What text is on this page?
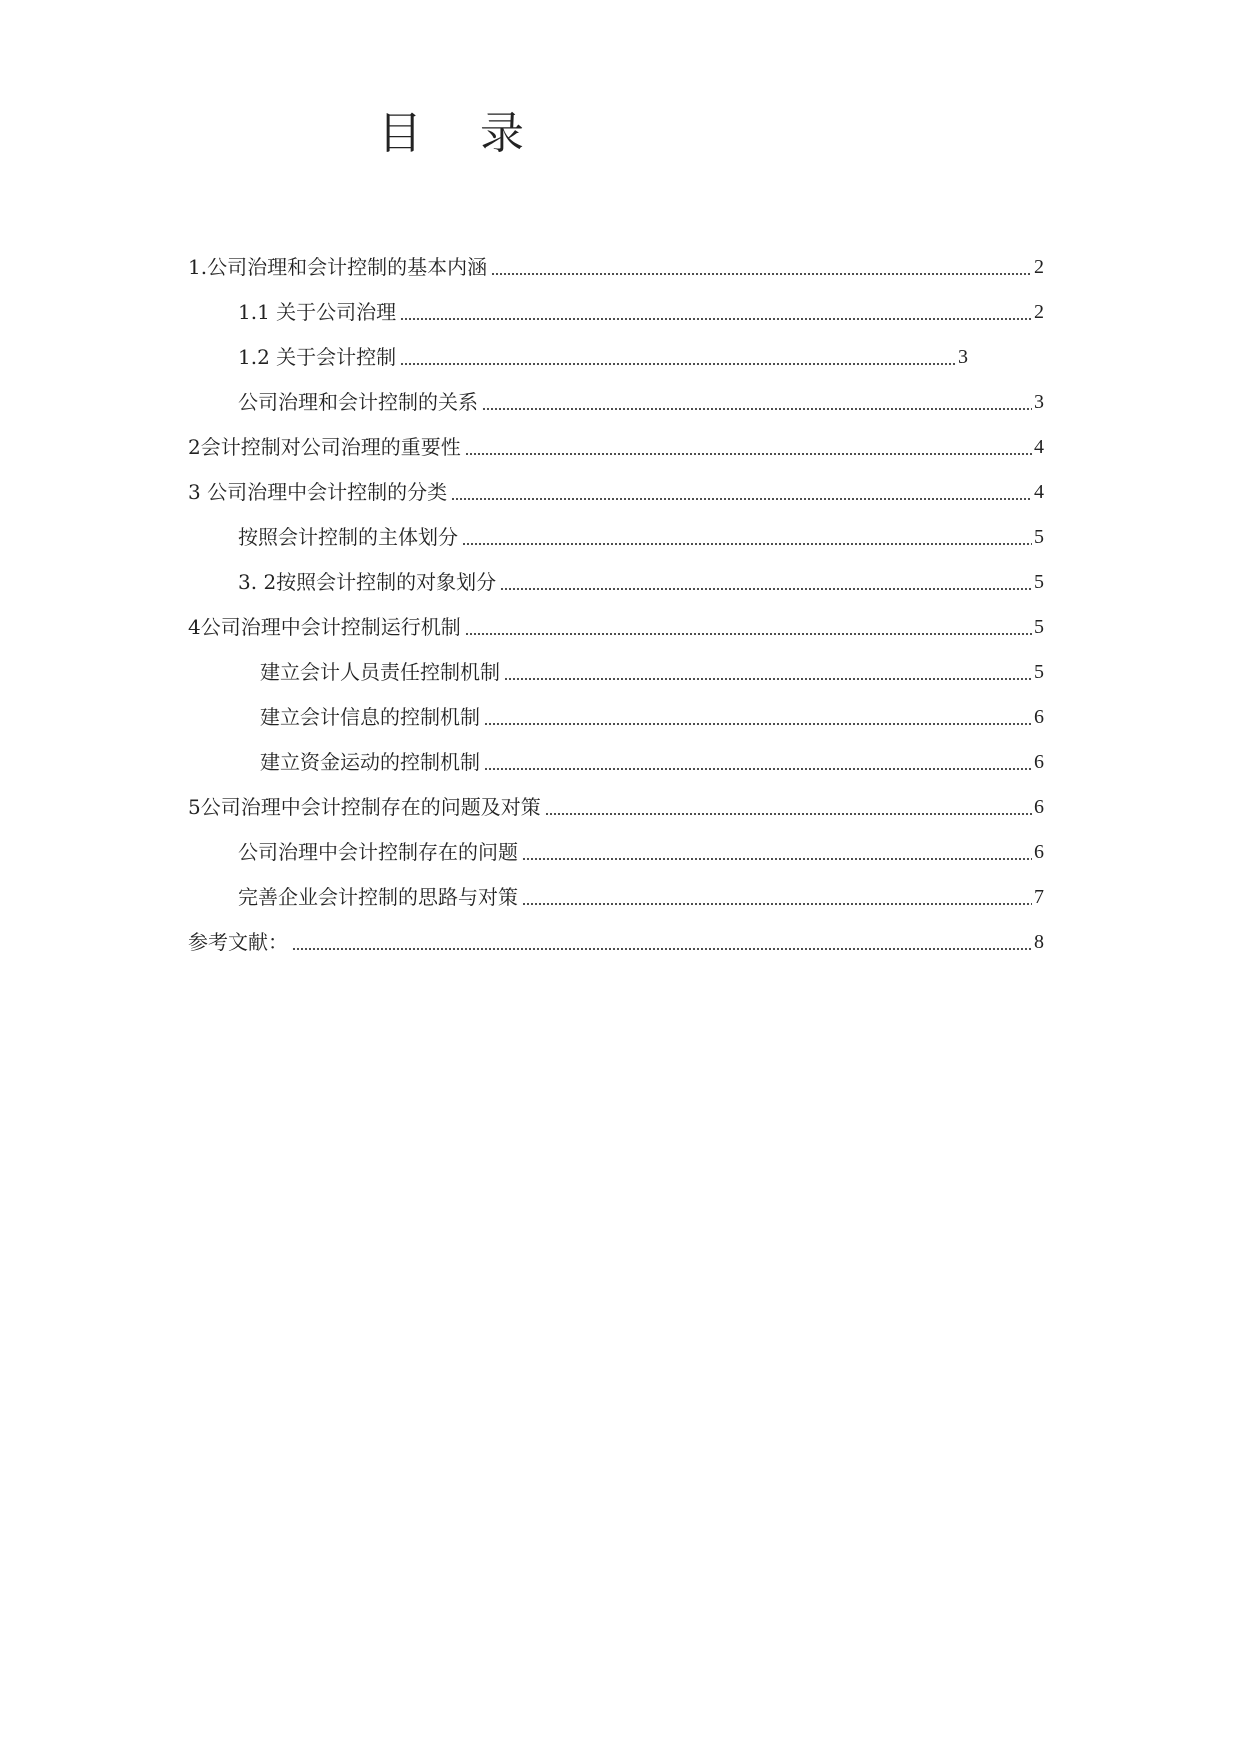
目 录
1.公司治理和会计控制的基本内涵	2
1.1 关于公司治理	2
1.2 关于会计控制	3
公司治理和会计控制的关系	3
2会计控制对公司治理的重要性	4
3 公司治理中会计控制的分类	4
按照会计控制的主体划分	5
3. 2按照会计控制的对象划分	5
4公司治理中会计控制运行机制	5
建立会计人员责任控制机制	5
建立会计信息的控制机制	6
建立资金运动的控制机制	6
5公司治理中会计控制存在的问题及对策	6
公司治理中会计控制存在的问题	6
完善企业会计控制的思路与对策	7
参考文献：	8
